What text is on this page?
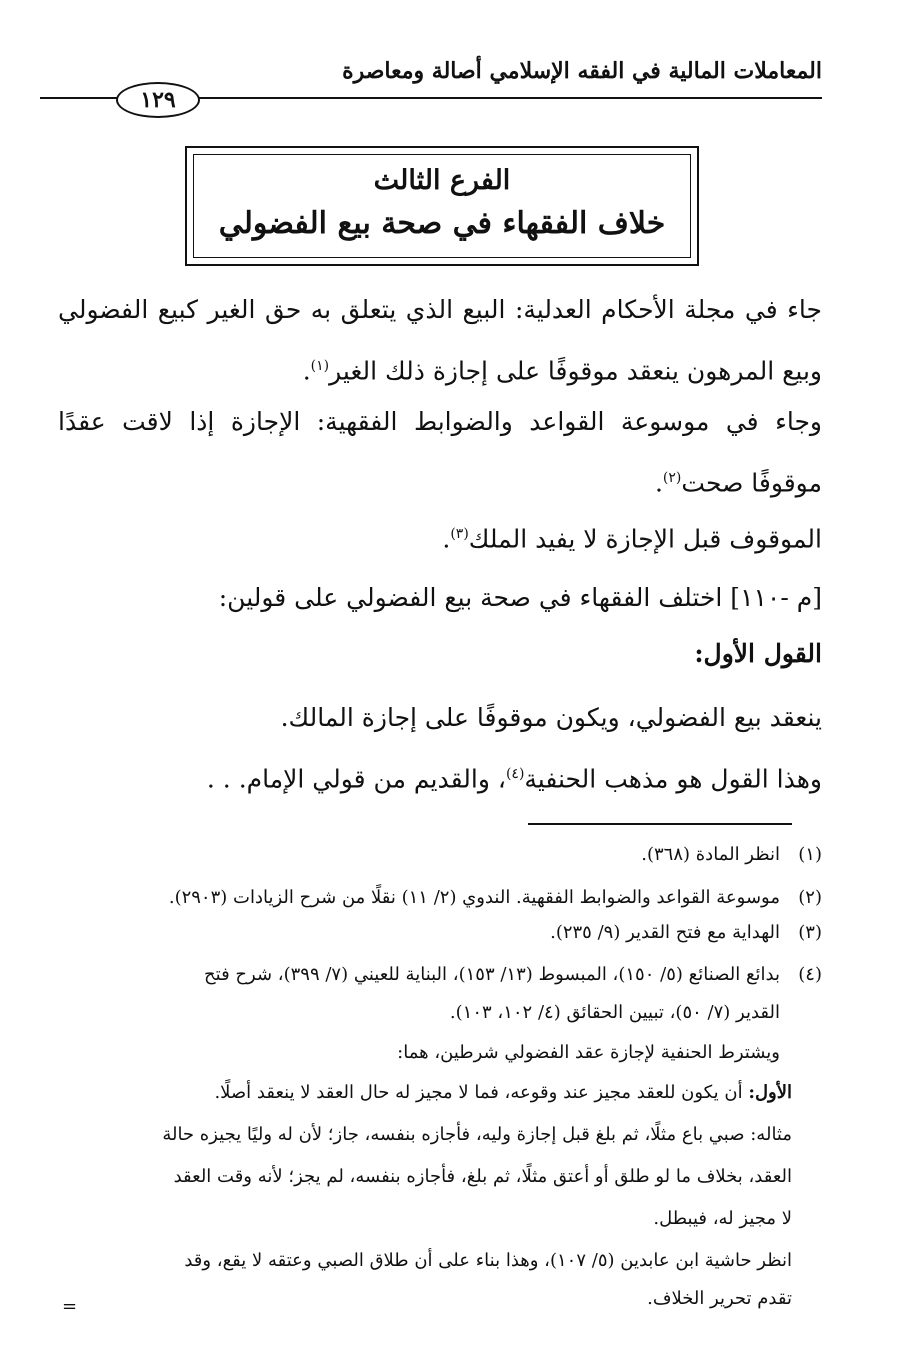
المعاملات المالية في الفقه الإسلامي أصالة ومعاصرة
١٢٩
الفرع الثالث
خلاف الفقهاء في صحة بيع الفضولي
جاء في مجلة الأحكام العدلية: البيع الذي يتعلق به حق الغير كبيع الفضولي وبيع المرهون ينعقد موقوفًا على إجازة ذلك الغير$^{(١)}$.
وجاء في موسوعة القواعد والضوابط الفقهية: الإجازة إذا لاقت عقدًا موقوفًا صحت$^{(٢)}$.
الموقوف قبل الإجازة لا يفيد الملك$^{(٣)}$.
[م -١١٠] اختلف الفقهاء في صحة بيع الفضولي على قولين:
القول الأول:
ينعقد بيع الفضولي، ويكون موقوفًا على إجازة المالك.
وهذا القول هو مذهب الحنفية$^{(٤)}$، والقديم من قولي الإمام. . .
(١)انظر المادة (٣٦٨).
(٢)موسوعة القواعد والضوابط الفقهية. الندوي (٢/ ١١) نقلًا من شرح الزيادات (٢٩٠٣).
(٣)الهداية مع فتح القدير (٩/ ٢٣٥).
(٤)بدائع الصنائع (٥/ ١٥٠)، المبسوط (١٣/ ١٥٣)، البناية للعيني (٧/ ٣٩٩)، شرح فتح
القدير (٧/ ٥٠)، تبيين الحقائق (٤/ ١٠٢، ١٠٣).
ويشترط الحنفية لإجازة عقد الفضولي شرطين، هما:
الأول: أن يكون للعقد مجيز عند وقوعه، فما لا مجيز له حال العقد لا ينعقد أصلًا.
مثاله: صبي باع مثلًا، ثم بلغ قبل إجازة وليه، فأجازه بنفسه، جاز؛ لأن له وليًا يجيزه حالة
العقد، بخلاف ما لو طلق أو أعتق مثلًا، ثم بلغ، فأجازه بنفسه، لم يجز؛ لأنه وقت العقد
لا مجيز له، فيبطل.
انظر حاشية ابن عابدين (٥/ ١٠٧)، وهذا بناء على أن طلاق الصبي وعتقه لا يقع، وقد
تقدم تحرير الخلاف.
=
